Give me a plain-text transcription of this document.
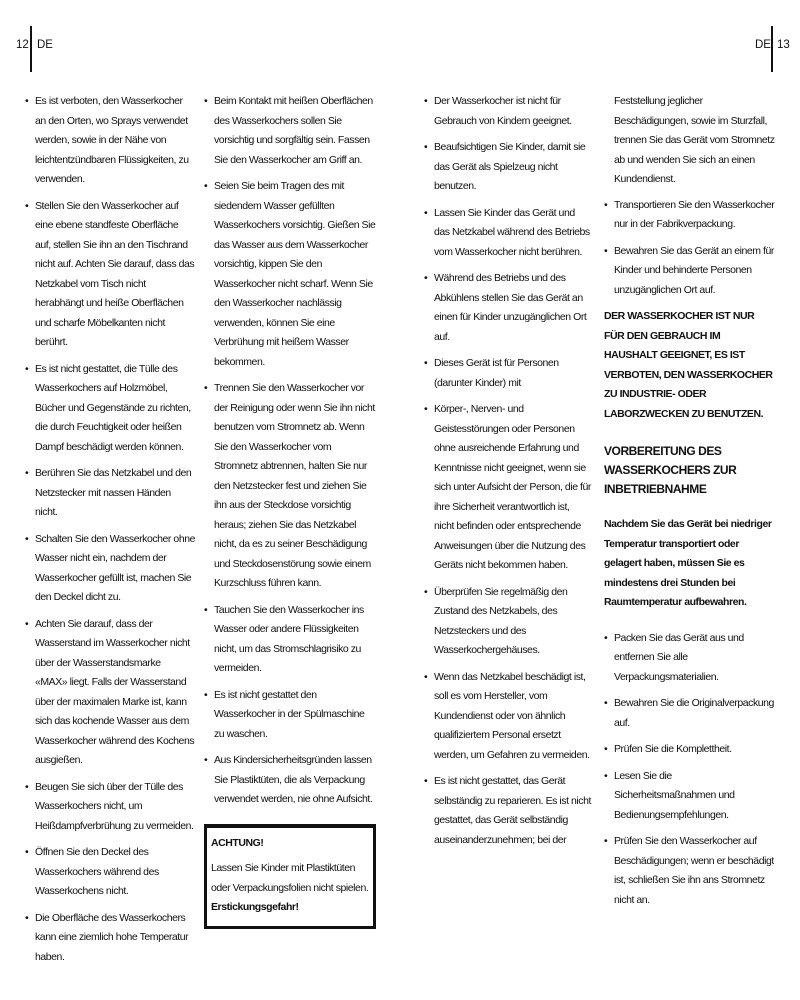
12 DE	DE 13
• Es ist verboten, den Wasserkocher an den Orten, wo Sprays verwendet werden, sowie in der Nähe von leichtentzündbaren Flüssigkeiten, zu verwenden.
• Stellen Sie den Wasserkocher auf eine ebene standfeste Oberfläche auf, stellen Sie ihn an den Tischrand nicht auf. Achten Sie darauf, dass das Netzkabel vom Tisch nicht herabhängt und heiße Oberflächen und scharfe Möbelkanten nicht berührt.
• Es ist nicht gestattet, die Tülle des Wasserkochers auf Holzmöbel, Bücher und Gegenstände zu richten, die durch Feuchtigkeit oder heißen Dampf beschädigt werden können.
• Berühren Sie das Netzkabel und den Netzstecker mit nassen Händen nicht.
• Schalten Sie den Wasserkocher ohne Wasser nicht ein, nachdem der Wasserkocher gefüllt ist, machen Sie den Deckel dicht zu.
• Achten Sie darauf, dass der Wasserstand im Wasserkocher nicht über der Wasserstandsmarke «MAX» liegt. Falls der Wasserstand über der maximalen Marke ist, kann sich das kochende Wasser aus dem Wasserkocher während des Kochens ausgießen.
• Beugen Sie sich über der Tülle des Wasserkochers nicht, um Heißdampfverbrühung zu vermeiden.
• Öffnen Sie den Deckel des Wasserkochers während des Wasserkochens nicht.
• Die Oberfläche des Wasserkochers kann eine ziemlich hohe Temperatur haben.
• Beim Kontakt mit heißen Oberflächen des Wasserkochers sollen Sie vorsichtig und sorgfältig sein. Fassen Sie den Wasserkocher am Griff an.
• Seien Sie beim Tragen des mit siedendem Wasser gefüllten Wasserkochers vorsichtig. Gießen Sie das Wasser aus dem Wasserkocher vorsichtig, kippen Sie den Wasserkocher nicht scharf. Wenn Sie den Wasserkocher nachlässig verwenden, können Sie eine Verbrühung mit heißem Wasser bekommen.
• Trennen Sie den Wasserkocher vor der Reinigung oder wenn Sie ihn nicht benutzen vom Stromnetz ab. Wenn Sie den Wasserkocher vom Stromnetz abtrennen, halten Sie nur den Netzstecker fest und ziehen Sie ihn aus der Steckdose vorsichtig heraus; ziehen Sie das Netzkabel nicht, da es zu seiner Beschädigung und Steckdosenstörung sowie einem Kurzschluss führen kann.
• Tauchen Sie den Wasserkocher ins Wasser oder andere Flüssigkeiten nicht, um das Stromschlagrisiko zu vermeiden.
• Es ist nicht gestattet den Wasserkocher in der Spülmaschine zu waschen.
• Aus Kindersicherheitsgründen lassen Sie Plastiktüten, die als Verpackung verwendet werden, nie ohne Aufsicht.
ACHTUNG!
Lassen Sie Kinder mit Plastiktüten oder Verpackungsfolien nicht spielen. Erstickungsgefahr!
• Der Wasserkocher ist nicht für Gebrauch von Kindern geeignet.
• Beaufsichtigen Sie Kinder, damit sie das Gerät als Spielzeug nicht benutzen.
• Lassen Sie Kinder das Gerät und das Netzkabel während des Betriebs vom Wasserkocher nicht berühren.
• Während des Betriebs und des Abkühlens stellen Sie das Gerät an einen für Kinder unzugänglichen Ort auf.
• Dieses Gerät ist für Personen (darunter Kinder) mit
• Körper-, Nerven- und Geistesstörungen oder Personen ohne ausreichende Erfahrung und Kenntnisse nicht geeignet, wenn sie sich unter Aufsicht der Person, die für ihre Sicherheit verantwortlich ist, nicht befinden oder entsprechende Anweisungen über die Nutzung des Geräts nicht bekommen haben.
• Überprüfen Sie regelmäßig den Zustand des Netzkabels, des Netzsteckers und des Wasserkochergehäuses.
• Wenn das Netzkabel beschädigt ist, soll es vom Hersteller, vom Kundendienst oder von ähnlich qualifiziertem Personal ersetzt werden, um Gefahren zu vermeiden.
• Es ist nicht gestattet, das Gerät selbständig zu reparieren. Es ist nicht gestattet, das Gerät selbständig auseinanderzunehmen; bei der
Feststellung jeglicher Beschädigungen, sowie im Sturzfall, trennen Sie das Gerät vom Stromnetz ab und wenden Sie sich an einen Kundendienst.
• Transportieren Sie den Wasserkocher nur in der Fabrikverpackung.
• Bewahren Sie das Gerät an einem für Kinder und behinderte Personen unzugänglichen Ort auf.
DER WASSERKOCHER IST NUR FÜR DEN GEBRAUCH IM HAUSHALT GEEIGNET, ES IST VERBOTEN, DEN WASSERKOCHER ZU INDUSTRIE- ODER LABORZWECKEN ZU BENUTZEN.
VORBEREITUNG DES WASSERKOCHERS ZUR INBETRIEBNAHME
Nachdem Sie das Gerät bei niedriger Temperatur transportiert oder gelagert haben, müssen Sie es mindestens drei Stunden bei Raumtemperatur aufbewahren.
• Packen Sie das Gerät aus und entfernen Sie alle Verpackungsmaterialien.
• Bewahren Sie die Originalverpackung auf.
• Prüfen Sie die Komplettheit.
• Lesen Sie die Sicherheitsmaßnahmen und Bedienungsempfehlungen.
• Prüfen Sie den Wasserkocher auf Beschädigungen; wenn er beschädigt ist, schließen Sie ihn ans Stromnetz nicht an.
